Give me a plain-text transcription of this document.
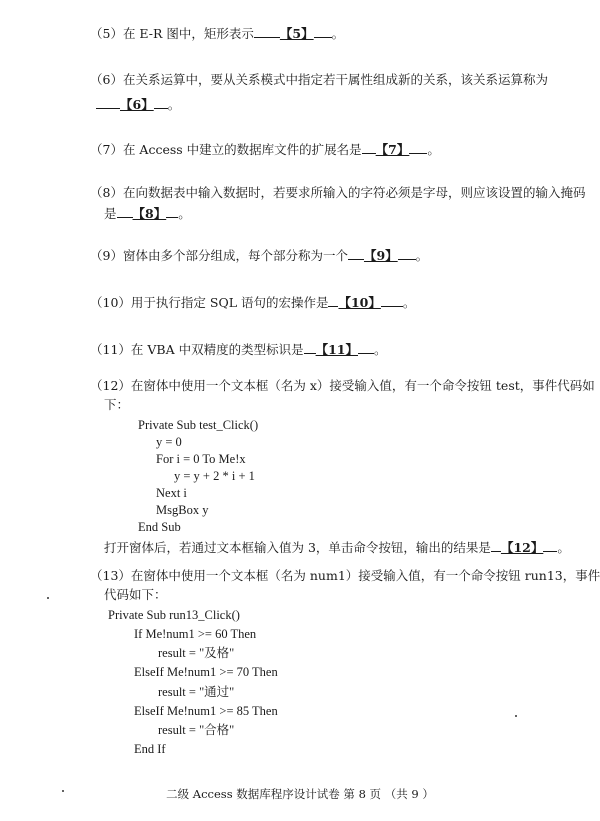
（5）在 E-R 图中，矩形表示 【5】 。
（6）在关系运算中，要从关系模式中指定若干属性组成新的关系，该关系运算称为
【6】 。
（7）在 Access 中建立的数据库文件的扩展名是 【7】 。
（8）在向数据表中输入数据时，若要求所输入的字符必须是字母，则应该设置的输入掩码
是 【8】 。
（9）窗体由多个部分组成，每个部分称为一个 【9】 。
（10）用于执行指定 SQL 语句的宏操作是 【10】 。
（11）在 VBA 中双精度的类型标识是 【11】 。
（12）在窗体中使用一个文本框（名为 x）接受输入值，有一个命令按钮 test，事件代码如
下：
Private Sub test_Click()
y = 0
For i = 0 To Me!x
y = y + 2 * i + 1
Next i
MsgBox y
End Sub
打开窗体后，若通过文本框输入值为 3，单击命令按钮，输出的结果是 【12】 。
（13）在窗体中使用一个文本框（名为 num1）接受输入值，有一个命令按钮 run13，事件
代码如下：
Private Sub run13_Click()
If Me!num1 >= 60 Then
result = "及格"
ElseIf Me!num1 >= 70 Then
result = "通过"
ElseIf Me!num1 >= 85 Then
result = "合格"
End If
二级 Access 数据库程序设计试卷 第 8 页 （共 9 ）
